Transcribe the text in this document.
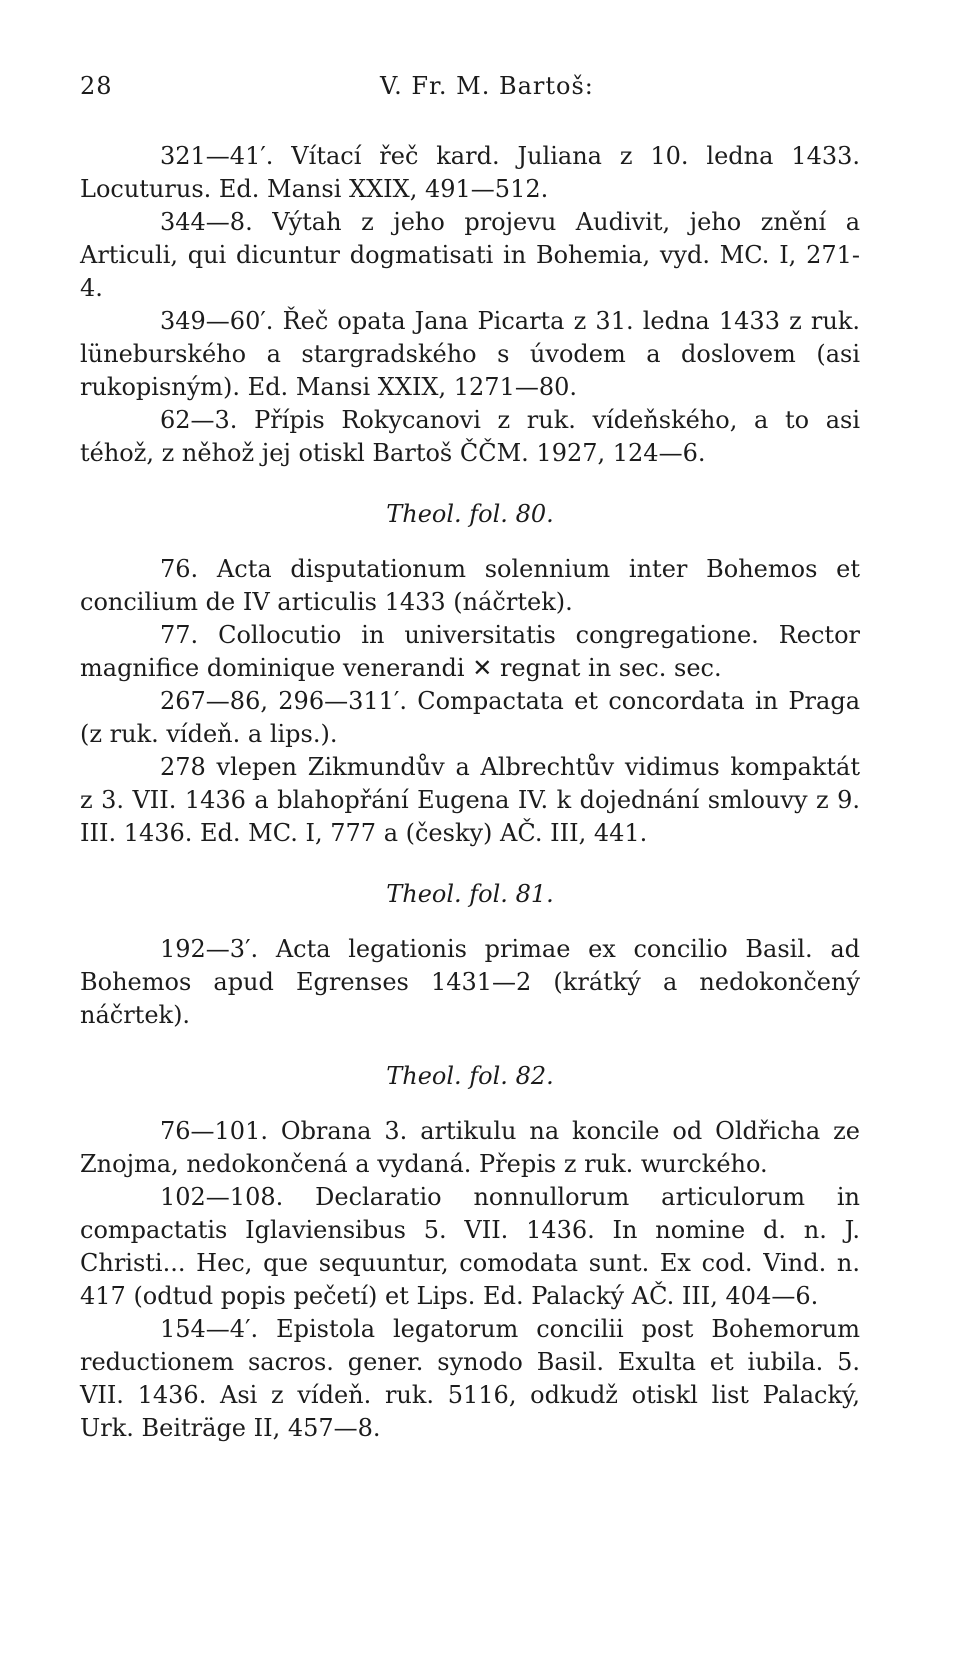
28	V. Fr. M. Bartoš:

321—41′. Vítací řeč kard. Juliana z 10. ledna 1433. Locuturus. Ed. Mansi XXIX, 491—512.

344—8. Výtah z jeho projevu Audivit, jeho znění a Articuli, qui dicuntur dogmatisati in Bohemia, vyd. MC. I, 271-4.

349—60′. Řeč opata Jana Picarta z 31. ledna 1433 z ruk. lüneburského a stargradského s úvodem a doslovem (asi rukopisným). Ed. Mansi XXIX, 1271—80.

62—3. Přípis Rokycanovi z ruk. vídeňského, a to asi téhož, z něhož jej otiskl Bartoš ČČM. 1927, 124—6.

Theol. fol. 80.

76. Acta disputationum solennium inter Bohemos et concilium de IV articulis 1433 (náčrtek).

77. Collocutio in universitatis congregatione. Rector magnifice dominique venerandi ✕ regnat in sec. sec.

267—86, 296—311′. Compactata et concordata in Praga (z ruk. vídeň. a lips.).

278 vlepen Zikmundův a Albrechtův vidimus kompaktát z 3. VII. 1436 a blahopřání Eugena IV. k dojednání smlouvy z 9. III. 1436. Ed. MC. I, 777 a (česky) AČ. III, 441.

Theol. fol. 81.

192—3′. Acta legationis primae ex concilio Basil. ad Bohemos apud Egrenses 1431—2 (krátký a nedokončený náčrtek).

Theol. fol. 82.

76—101. Obrana 3. artikulu na koncile od Oldřicha ze Znojma, nedokončená a vydaná. Přepis z ruk. wurckého.

102—108. Declaratio nonnullorum articulorum in compactatis Iglaviensibus 5. VII. 1436. In nomine d. n. J. Christi... Hec, que sequuntur, comodata sunt. Ex cod. Vind. n. 417 (odtud popis pečetí) et Lips. Ed. Palacký AČ. III, 404—6.

154—4′. Epistola legatorum concilii post Bohemorum reductionem sacros. gener. synodo Basil. Exulta et iubila. 5. VII. 1436. Asi z vídeň. ruk. 5116, odkudž otiskl list Palacký, Urk. Beiträge II, 457—8.
